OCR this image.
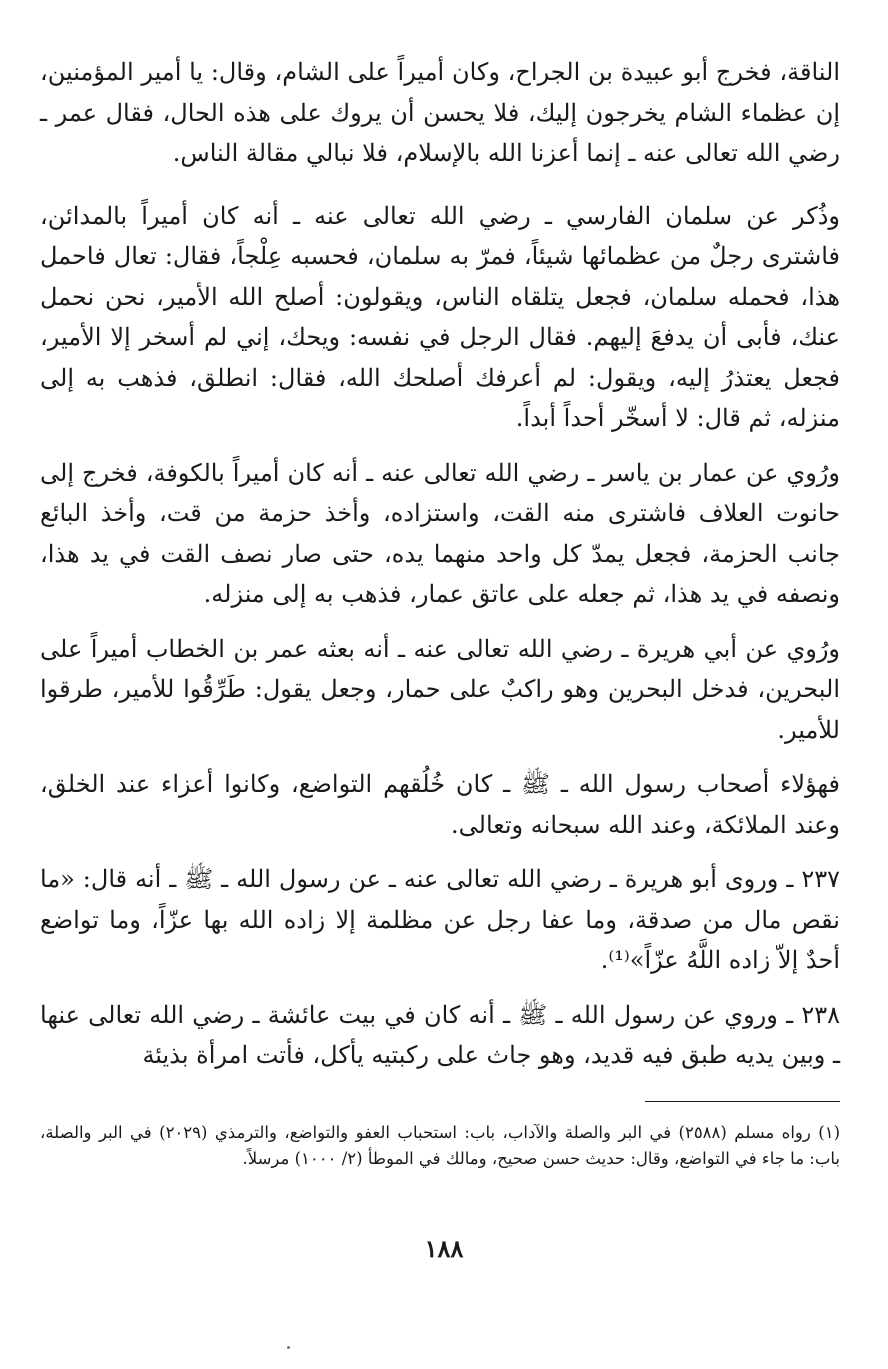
الناقة، فخرج أبو عبيدة بن الجراح، وكان أميراً على الشام، وقال: يا أمير المؤمنين، إن عظماء الشام يخرجون إليك، فلا يحسن أن يروك على هذه الحال، فقال عمر ـ رضي الله تعالى عنه ـ إنما أعزنا الله بالإسلام، فلا نبالي مقالة الناس.

وذُكر عن سلمان الفارسي ـ رضي الله تعالى عنه ـ أنه كان أميراً بالمدائن، فاشترى رجلٌ من عظمائها شيئاً، فمرّ به سلمان، فحسبه عِلْجاً، فقال: تعال فاحمل هذا، فحمله سلمان، فجعل يتلقاه الناس، ويقولون: أصلح الله الأمير، نحن نحمل عنك، فأبى أن يدفعَ إليهم. فقال الرجل في نفسه: ويحك، إني لم أسخر إلا الأمير، فجعل يعتذرُ إليه، ويقول: لم أعرفك أصلحك الله، فقال: انطلق، فذهب به إلى منزله، ثم قال: لا أسخّر أحداً أبداً.

ورُوي عن عمار بن ياسر ـ رضي الله تعالى عنه ـ أنه كان أميراً بالكوفة، فخرج إلى حانوت العلاف فاشترى منه القت، واستزاده، وأخذ حزمة من قت، وأخذ البائع جانب الحزمة، فجعل يمدّ كل واحد منهما يده، حتى صار نصف القت في يد هذا، ونصفه في يد هذا، ثم جعله على عاتق عمار، فذهب به إلى منزله.

ورُوي عن أبي هريرة ـ رضي الله تعالى عنه ـ أنه بعثه عمر بن الخطاب أميراً على البحرين، فدخل البحرين وهو راكبٌ على حمار، وجعل يقول: طَرِّقُوا للأمير، طرقوا للأمير.

فهؤلاء أصحاب رسول الله ـ ﷺ ـ كان خُلُقهم التواضع، وكانوا أعزاء عند الخلق، وعند الملائكة، وعند الله سبحانه وتعالى.

٢٣٧ ـ وروى أبو هريرة ـ رضي الله تعالى عنه ـ عن رسول الله ـ ﷺ ـ أنه قال: «ما نقص مال من صدقة، وما عفا رجل عن مظلمة إلا زاده الله بها عزّاً، وما تواضع أحدٌ إلاّ زاده اللَّهُ عزّاً»⁽¹⁾.

٢٣٨ ـ وروي عن رسول الله ـ ﷺ ـ أنه كان في بيت عائشة ـ رضي الله تعالى عنها ـ وبين يديه طبق فيه قديد، وهو جاث على ركبتيه يأكل، فأتت امرأة بذيئة

(١) رواه مسلم (٢٥٨٨) في البر والصلة والآداب، باب: استحباب العفو والتواضع، والترمذي (٢٠٢٩) في البر والصلة، باب: ما جاء في التواضع، وقال: حديث حسن صحيح، ومالك في الموطأ (٢/ ١٠٠٠) مرسلاً.

١٨٨
